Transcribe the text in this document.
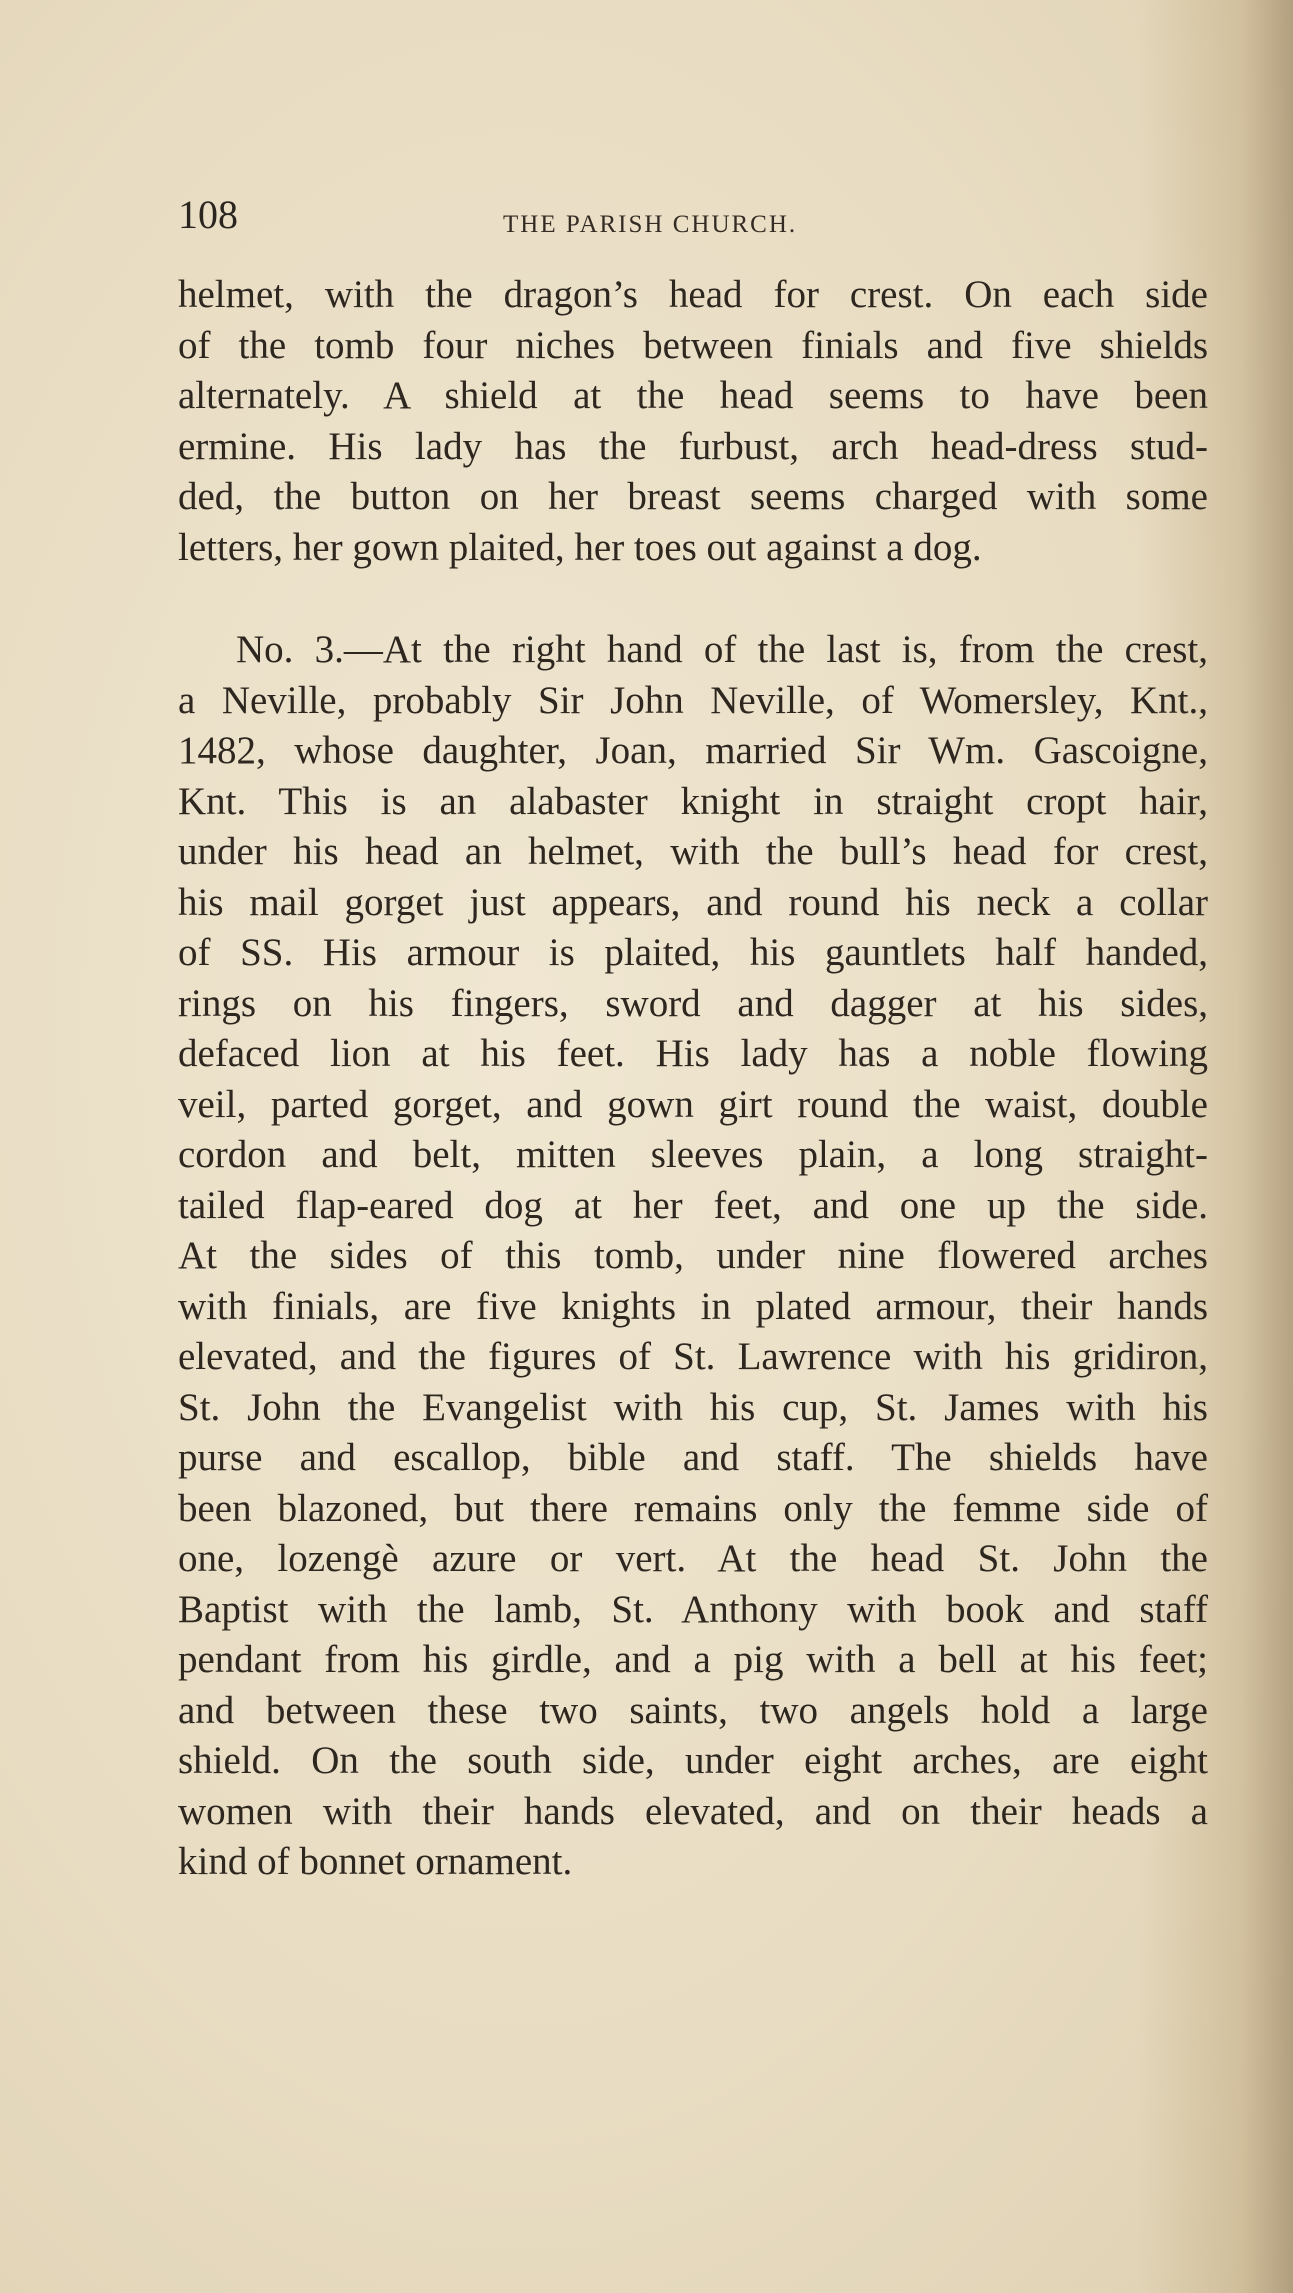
108	THE PARISH CHURCH.

helmet, with the dragon’s head for crest. On each side
of the tomb four niches between finials and five shields
alternately. A shield at the head seems to have been
ermine. His lady has the furbust, arch head-dress stud-
ded, the button on her breast seems charged with some
letters, her gown plaited, her toes out against a dog.

No. 3.—At the right hand of the last is, from the crest,
a Neville, probably Sir John Neville, of Womersley, Knt.,
1482, whose daughter, Joan, married Sir Wm. Gascoigne,
Knt. This is an alabaster knight in straight cropt hair,
under his head an helmet, with the bull’s head for crest,
his mail gorget just appears, and round his neck a collar
of SS. His armour is plaited, his gauntlets half handed,
rings on his fingers, sword and dagger at his sides,
defaced lion at his feet. His lady has a noble flowing
veil, parted gorget, and gown girt round the waist, double
cordon and belt, mitten sleeves plain, a long straight-
tailed flap-eared dog at her feet, and one up the side.
At the sides of this tomb, under nine flowered arches
with finials, are five knights in plated armour, their hands
elevated, and the figures of St. Lawrence with his gridiron,
St. John the Evangelist with his cup, St. James with his
purse and escallop, bible and staff. The shields have
been blazoned, but there remains only the femme side of
one, lozengè azure or vert. At the head St. John the
Baptist with the lamb, St. Anthony with book and staff
pendant from his girdle, and a pig with a bell at his feet;
and between these two saints, two angels hold a large
shield. On the south side, under eight arches, are eight
women with their hands elevated, and on their heads a
kind of bonnet ornament.
